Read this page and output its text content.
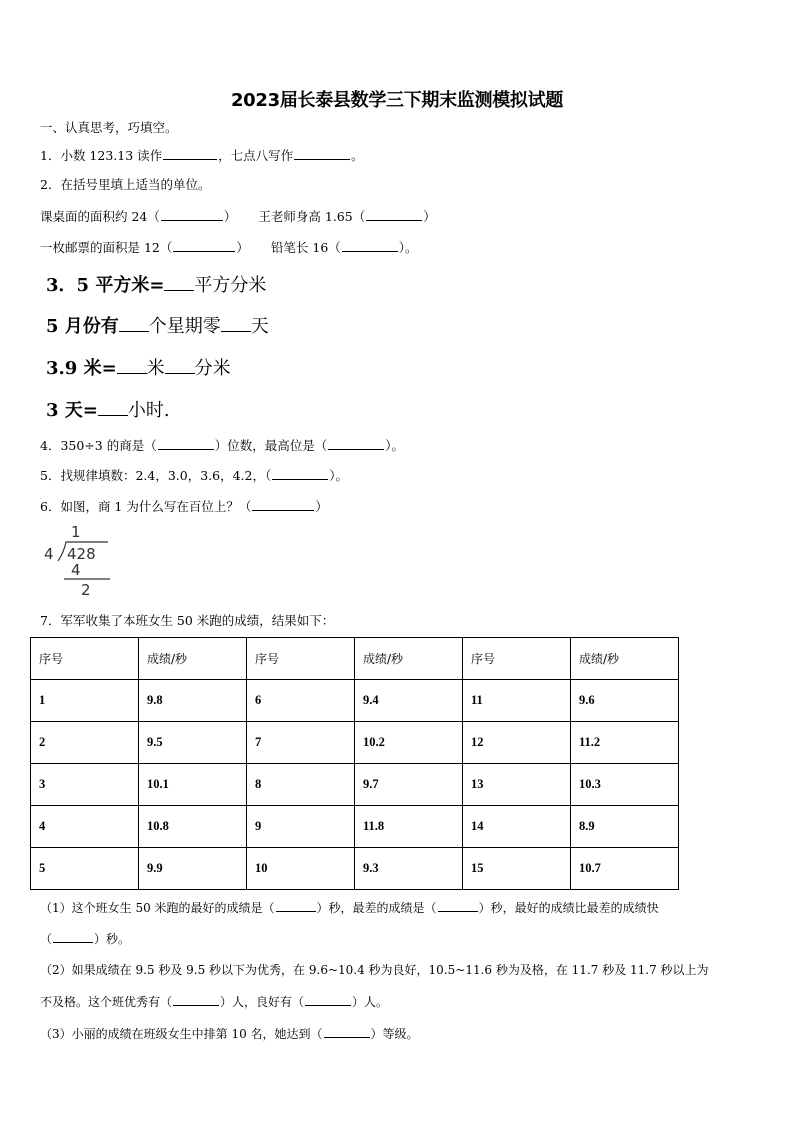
2023届长泰县数学三下期末监测模拟试题
一、认真思考，巧填空。
1．小数 123.13 读作	，七点八写作	。
2．在括号里填上适当的单位。
课桌面的面积约 24（	） 王老师身高 1.65（	）
一枚邮票的面积是 12（	） 铅笔长 16（	）。
3．5 平方米= 平方分米
5 月份有 个星期零 天
3.9 米= 米 分米
3 天= 小时.
4．350÷3 的商是（	）位数，最高位是（	）。
5．找规律填数：2.4，3.0，3.6，4.2，（	）。
6．如图，商 1 为什么写在百位上？（	）
1
4 428
4
2
7．军军收集了本班女生 50 米跑的成绩，结果如下：
序号	成绩/秒	序号	成绩/秒	序号	成绩/秒
1	9.8	6	9.4	11	9.6
2	9.5	7	10.2	12	11.2
3	10.1	8	9.7	13	10.3
4	10.8	9	11.8	14	8.9
5	9.9	10	9.3	15	10.7
（1）这个班女生 50 米跑的最好的成绩是（	）秒，最差的成绩是（	）秒，最好的成绩比最差的成绩快
（	）秒。
（2）如果成绩在 9.5 秒及 9.5 秒以下为优秀，在 9.6~10.4 秒为良好，10.5~11.6 秒为及格，在 11.7 秒及 11.7 秒以上为
不及格。这个班优秀有（	）人，良好有（	）人。
（3）小丽的成绩在班级女生中排第 10 名，她达到（	）等级。
